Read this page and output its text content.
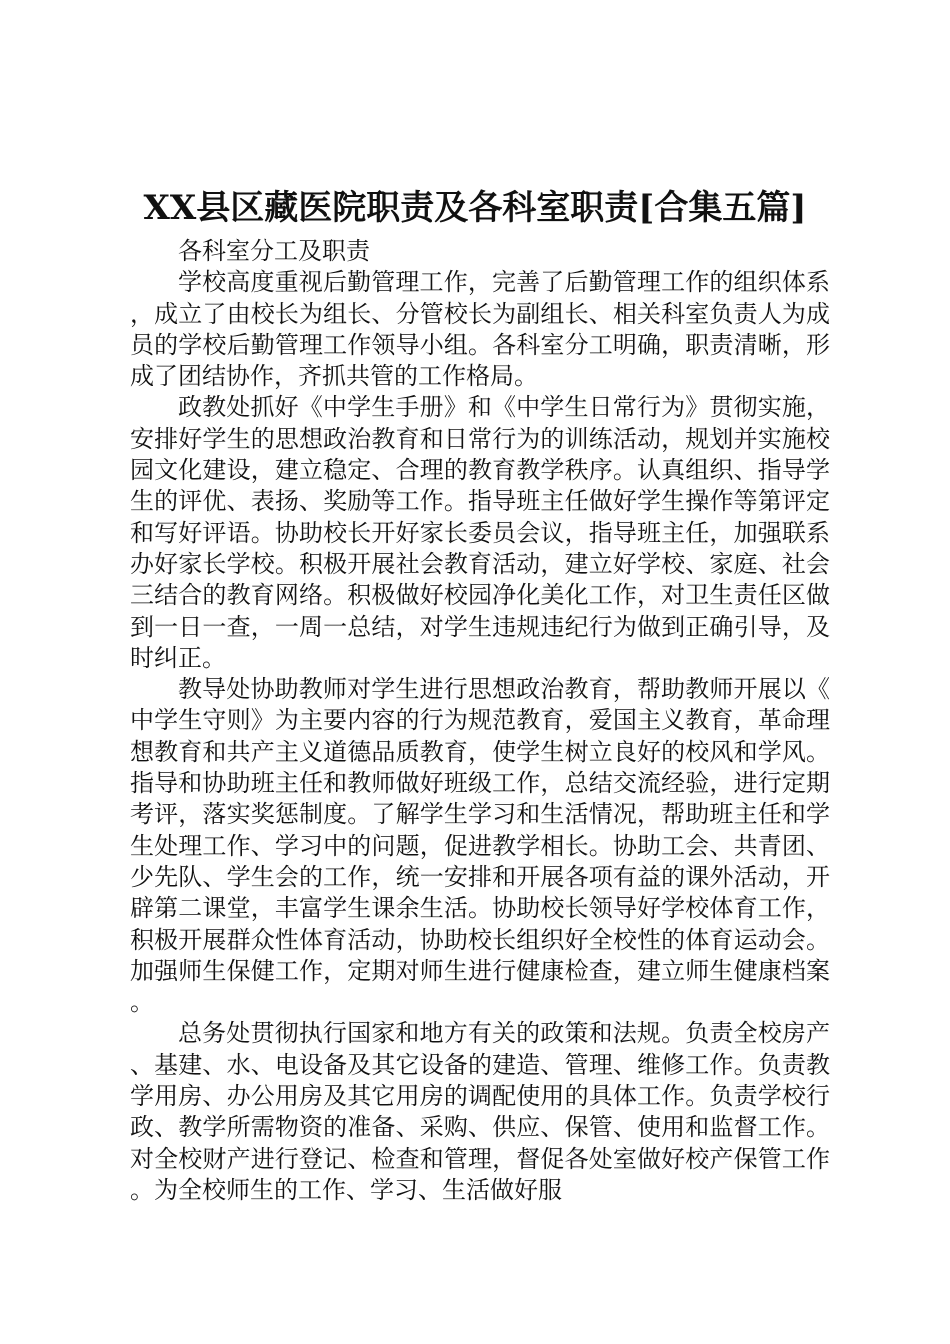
XX县区藏医院职责及各科室职责[合集五篇]

各科室分工及职责

学校高度重视后勤管理工作，完善了后勤管理工作的组织体系，成立了由校长为组长、分管校长为副组长、相关科室负责人为成员的学校后勤管理工作领导小组。各科室分工明确，职责清晰，形成了团结协作，齐抓共管的工作格局。

政教处抓好《中学生手册》和《中学生日常行为》贯彻实施，安排好学生的思想政治教育和日常行为的训练活动，规划并实施校园文化建设，建立稳定、合理的教育教学秩序。认真组织、指导学生的评优、表扬、奖励等工作。指导班主任做好学生操作等第评定和写好评语。协助校长开好家长委员会议，指导班主任，加强联系办好家长学校。积极开展社会教育活动，建立好学校、家庭、社会三结合的教育网络。积极做好校园净化美化工作，对卫生责任区做到一日一查，一周一总结，对学生违规违纪行为做到正确引导，及时纠正。

教导处协助教师对学生进行思想政治教育，帮助教师开展以《中学生守则》为主要内容的行为规范教育，爱国主义教育，革命理想教育和共产主义道德品质教育，使学生树立良好的校风和学风。指导和协助班主任和教师做好班级工作，总结交流经验，进行定期考评，落实奖惩制度。了解学生学习和生活情况，帮助班主任和学生处理工作、学习中的问题，促进教学相长。协助工会、共青团、少先队、学生会的工作，统一安排和开展各项有益的课外活动，开辟第二课堂，丰富学生课余生活。协助校长领导好学校体育工作，积极开展群众性体育活动，协助校长组织好全校性的体育运动会。加强师生保健工作，定期对师生进行健康检查，建立师生健康档案。

总务处贯彻执行国家和地方有关的政策和法规。负责全校房产、基建、水、电设备及其它设备的建造、管理、维修工作。负责教学用房、办公用房及其它用房的调配使用的具体工作。负责学校行政、教学所需物资的准备、采购、供应、保管、使用和监督工作。对全校财产进行登记、检查和管理，督促各处室做好校产保管工作。为全校师生的工作、学习、生活做好服
